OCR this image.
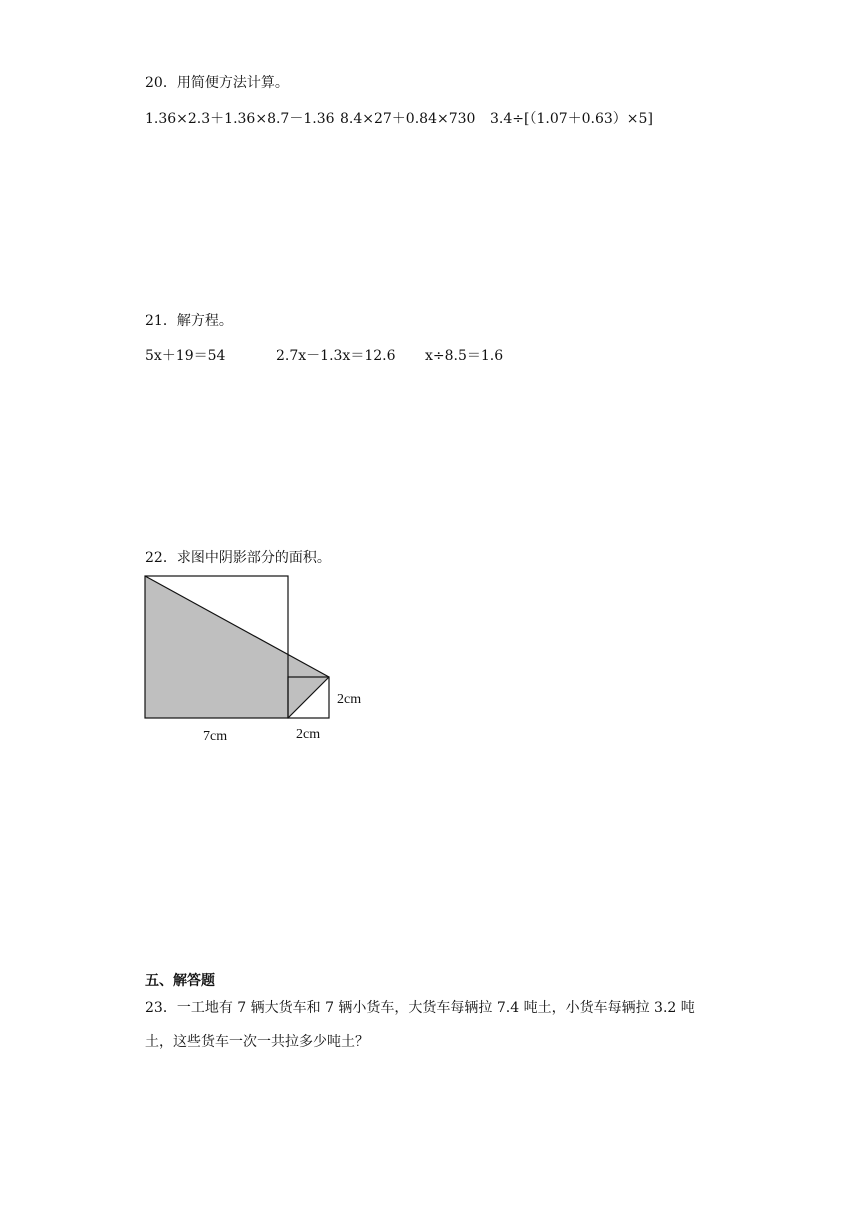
20．用简便方法计算。
1.36×2.3＋1.36×8.7－1.36 8.4×27＋0.84×730 3.4÷[（1.07＋0.63）×5]
21．解方程。
5x＋19＝54	2.7x－1.3x＝12.6 x÷8.5＝1.6
22．求图中阴影部分的面积。
7cm	2cm
2cm
五、解答题
23．一工地有 7 辆大货车和 7 辆小货车，大货车每辆拉 7.4 吨土，小货车每辆拉 3.2 吨
土，这些货车一次一共拉多少吨土？
